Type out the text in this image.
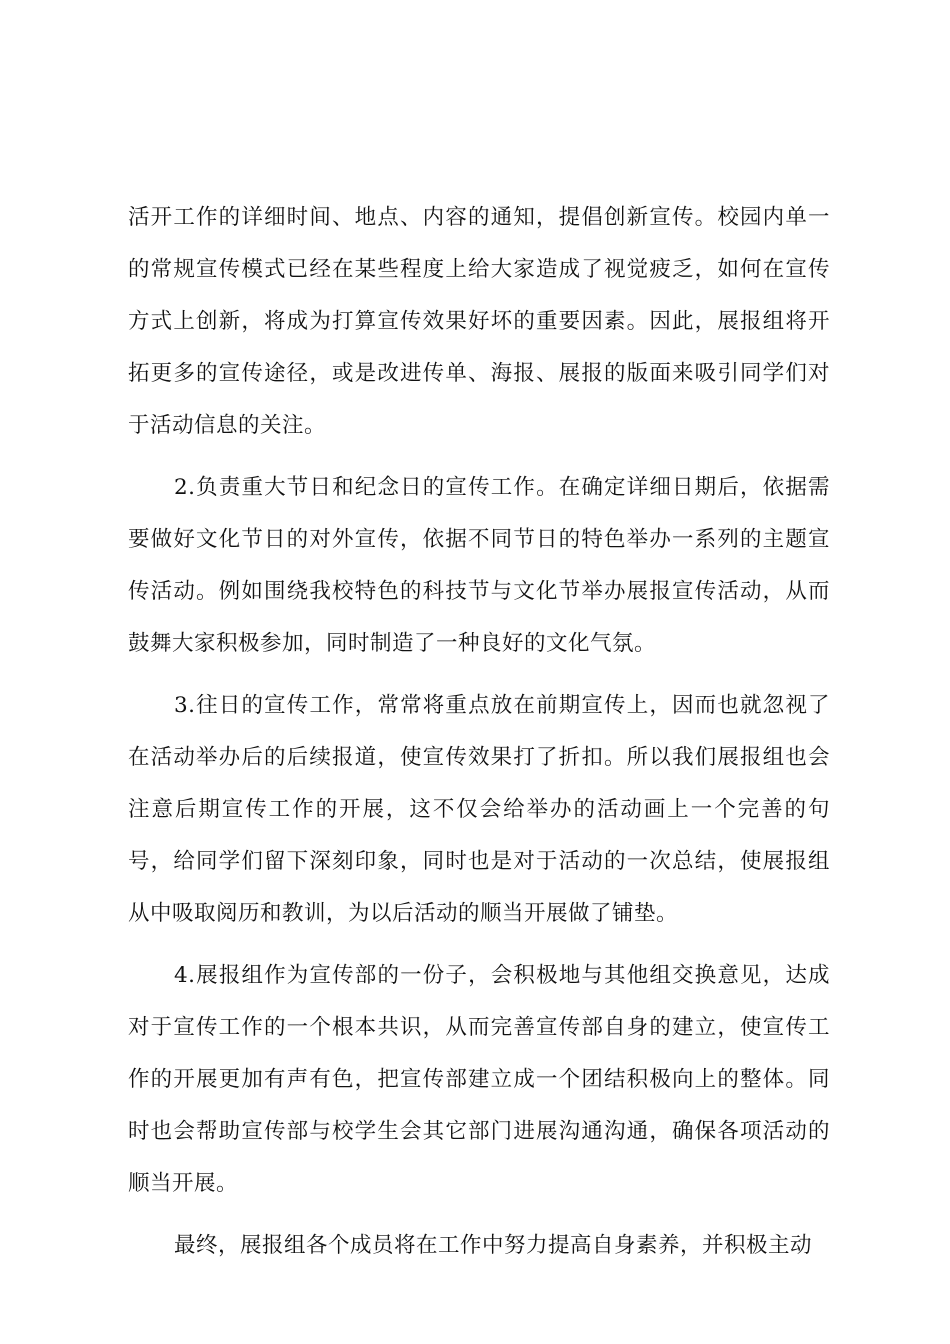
活开工作的详细时间、地点、内容的通知，提倡创新宣传。校园内单一的常规宣传模式已经在某些程度上给大家造成了视觉疲乏，如何在宣传方式上创新，将成为打算宣传效果好坏的重要因素。因此，展报组将开拓更多的宣传途径，或是改进传单、海报、展报的版面来吸引同学们对于活动信息的关注。

2.负责重大节日和纪念日的宣传工作。在确定详细日期后，依据需要做好文化节日的对外宣传，依据不同节日的特色举办一系列的主题宣传活动。例如围绕我校特色的科技节与文化节举办展报宣传活动，从而鼓舞大家积极参加，同时制造了一种良好的文化气氛。

3.往日的宣传工作，常常将重点放在前期宣传上，因而也就忽视了在活动举办后的后续报道，使宣传效果打了折扣。所以我们展报组也会注意后期宣传工作的开展，这不仅会给举办的活动画上一个完善的句号，给同学们留下深刻印象，同时也是对于活动的一次总结，使展报组从中吸取阅历和教训，为以后活动的顺当开展做了铺垫。

4.展报组作为宣传部的一份子，会积极地与其他组交换意见，达成对于宣传工作的一个根本共识，从而完善宣传部自身的建立，使宣传工作的开展更加有声有色，把宣传部建立成一个团结积极向上的整体。同时也会帮助宣传部与校学生会其它部门进展沟通沟通，确保各项活动的顺当开展。

最终，展报组各个成员将在工作中努力提高自身素养，并积极主动
